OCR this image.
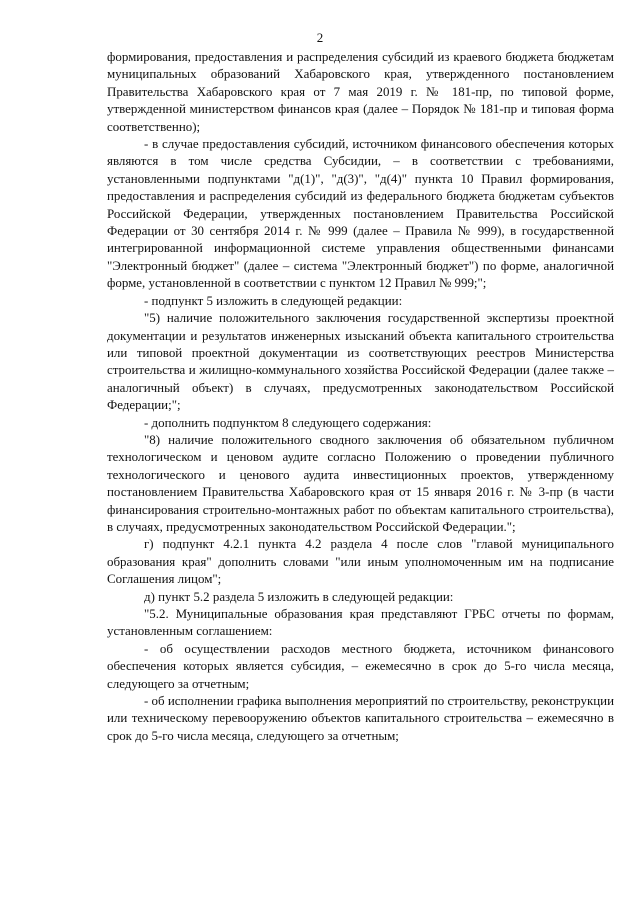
2

формирования, предоставления и распределения субсидий из краевого бюджета бюджетам муниципальных образований Хабаровского края, утвержденного постановлением Правительства Хабаровского края от 7 мая 2019 г. № 181-пр, по типовой форме, утвержденной министерством финансов края (далее – Порядок № 181-пр и типовая форма соответственно);

- в случае предоставления субсидий, источником финансового обеспечения которых являются в том числе средства Субсидии, – в соответствии с требованиями, установленными подпунктами "д(1)", "д(3)", "д(4)" пункта 10 Правил формирования, предоставления и распределения субсидий из федерального бюджета бюджетам субъектов Российской Федерации, утвержденных постановлением Правительства Российской Федерации от 30 сентября 2014 г. № 999 (далее – Правила № 999), в государственной интегрированной информационной системе управления общественными финансами "Электронный бюджет" (далее – система "Электронный бюджет") по форме, аналогичной форме, установленной в соответствии с пунктом 12 Правил № 999;";

- подпункт 5 изложить в следующей редакции:

"5) наличие положительного заключения государственной экспертизы проектной документации и результатов инженерных изысканий объекта капитального строительства или типовой проектной документации из соответствующих реестров Министерства строительства и жилищно-коммунального хозяйства Российской Федерации (далее также – аналогичный объект) в случаях, предусмотренных законодательством Российской Федерации;";

- дополнить подпунктом 8 следующего содержания:

"8) наличие положительного сводного заключения об обязательном публичном технологическом и ценовом аудите согласно Положению о проведении публичного технологического и ценового аудита инвестиционных проектов, утвержденному постановлением Правительства Хабаровского края от 15 января 2016 г. № 3-пр (в части финансирования строительно-монтажных работ по объектам капитального строительства), в случаях, предусмотренных законодательством Российской Федерации.";

г) подпункт 4.2.1 пункта 4.2 раздела 4 после слов "главой муниципального образования края" дополнить словами "или иным уполномоченным им на подписание Соглашения лицом";

д) пункт 5.2 раздела 5 изложить в следующей редакции:

"5.2. Муниципальные образования края представляют ГРБС отчеты по формам, установленным соглашением:

- об осуществлении расходов местного бюджета, источником финансового обеспечения которых является субсидия, – ежемесячно в срок до 5-го числа месяца, следующего за отчетным;

- об исполнении графика выполнения мероприятий по строительству, реконструкции или техническому перевооружению объектов капитального строительства – ежемесячно в срок до 5-го числа месяца, следующего за отчетным;
